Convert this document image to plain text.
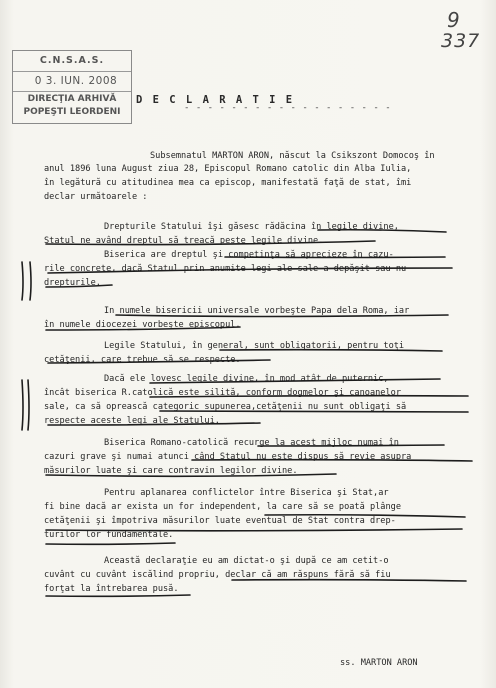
9
337
C.N.S.A.S.
0 3. IUN. 2008
DIRECŢIA ARHIVĂ
POPEŞTI LEORDENI
D E C L A R A T I E
- - - - - - - - - - - - - - - - - -
Subsemnatul MARTON ARON, născut la Csikszont Domocoş în
anul 1896 luna August ziua 28, Episcopul Romano catolic din Alba Iulia,
în legătură cu atitudinea mea ca episcop, manifestată faţă de stat, îmi
declar următoarele :
Drepturile Statului îşi găsesc rădăcina în legile divine,
Statul ne având dreptul să treacă peste legile divine.
Biserica are dreptul şi competinţa să aprecieze în cazu-
rile concrete, dacă Statul prin anumite legi ale sale a depăşit sau nu
drepturile.
In numele bisericii universale vorbeşte Papa dela Roma, iar
în numele diocezei vorbeşte episcopul.
Legile Statului, în general, sunt obligatorii, pentru toţi
cetăţenii, care trebue să se respecte.
Dacă ele lovesc legile divine, în mod atât de puternic,
încât biserica R.catolică este silită, conform dogmelor şi canoanelor
sale, ca să oprească categoric supunerea,cetăţenii nu sunt obligaţi să
respecte aceste legi ale Statului.
Biserica Romano-catolică recurge la acest mijloc numai în
cazuri grave şi numai atunci când Statul nu este dispus să revie asupra
măsurilor luate şi care contravin legilor divine.
Pentru aplanarea conflictelor între Biserica şi Stat,ar
fi bine dacă ar exista un for independent, la care să se poată plânge
cetăţenii şi împotriva măsurilor luate eventual de Stat contra drep-
turilor lor fundamentale.
Această declaraţie eu am dictat-o şi după ce am cetit-o
cuvânt cu cuvânt iscălind propriu, declar că am răspuns fără să fiu
forţat la întrebarea pusă.
ss. MARTON ARON
